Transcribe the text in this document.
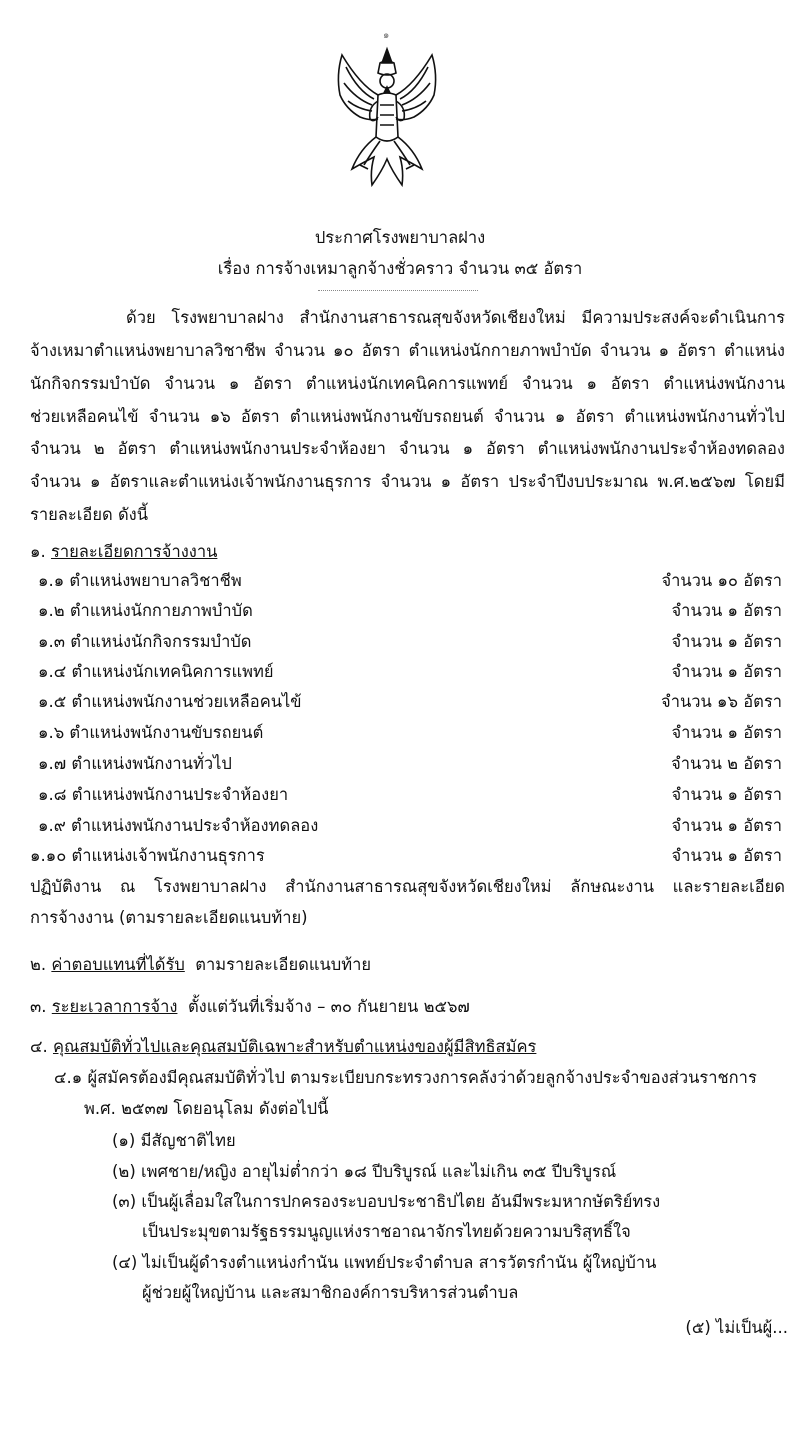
๑
ประกาศโรงพยาบาลฝาง
เรื่อง การจ้างเหมาลูกจ้างชั่วคราว จำนวน ๓๕ อัตรา
ด้วย โรงพยาบาลฝาง สำนักงานสาธารณสุขจังหวัดเชียงใหม่ มีความประสงค์จะดำเนินการ
จ้างเหมาตำแหน่งพยาบาลวิชาชีพ จำนวน ๑๐ อัตรา ตำแหน่งนักกายภาพบำบัด จำนวน ๑ อัตรา ตำแหน่ง
นักกิจกรรมบำบัด จำนวน ๑ อัตรา ตำแหน่งนักเทคนิคการแพทย์ จำนวน ๑ อัตรา ตำแหน่งพนักงาน
ช่วยเหลือคนไข้ จำนวน ๑๖ อัตรา ตำแหน่งพนักงานขับรถยนต์ จำนวน ๑ อัตรา ตำแหน่งพนักงานทั่วไป
จำนวน ๒ อัตรา ตำแหน่งพนักงานประจำห้องยา จำนวน ๑ อัตรา ตำแหน่งพนักงานประจำห้องทดลอง
จำนวน ๑ อัตราและตำแหน่งเจ้าพนักงานธุรการ จำนวน ๑ อัตรา ประจำปีงบประมาณ พ.ศ.๒๕๖๗ โดยมี
รายละเอียด ดังนี้
๑. รายละเอียดการจ้างงาน
๑.๑ ตำแหน่งพยาบาลวิชาชีพ	จำนวน ๑๐ อัตรา
๑.๒ ตำแหน่งนักกายภาพบำบัด	จำนวน ๑ อัตรา
๑.๓ ตำแหน่งนักกิจกรรมบำบัด	จำนวน ๑ อัตรา
๑.๔ ตำแหน่งนักเทคนิคการแพทย์	จำนวน ๑ อัตรา
๑.๕ ตำแหน่งพนักงานช่วยเหลือคนไข้	จำนวน ๑๖ อัตรา
๑.๖ ตำแหน่งพนักงานขับรถยนต์	จำนวน ๑ อัตรา
๑.๗ ตำแหน่งพนักงานทั่วไป	จำนวน ๒ อัตรา
๑.๘ ตำแหน่งพนักงานประจำห้องยา	จำนวน ๑ อัตรา
๑.๙ ตำแหน่งพนักงานประจำห้องทดลอง	จำนวน ๑ อัตรา
๑.๑๐ ตำแหน่งเจ้าพนักงานธุรการ	จำนวน ๑ อัตรา
ปฏิบัติงาน ณ โรงพยาบาลฝาง สำนักงานสาธารณสุขจังหวัดเชียงใหม่ ลักษณะงาน และรายละเอียด
การจ้างงาน (ตามรายละเอียดแนบท้าย)
๒. ค่าตอบแทนที่ได้รับ ตามรายละเอียดแนบท้าย
๓. ระยะเวลาการจ้าง ตั้งแต่วันที่เริ่มจ้าง – ๓๐ กันยายน ๒๕๖๗
๔. คุณสมบัติทั่วไปและคุณสมบัติเฉพาะสำหรับตำแหน่งของผู้มีสิทธิสมัคร
๔.๑ ผู้สมัครต้องมีคุณสมบัติทั่วไป ตามระเบียบกระทรวงการคลังว่าด้วยลูกจ้างประจำของส่วนราชการ
พ.ศ. ๒๕๓๗ โดยอนุโลม ดังต่อไปนี้
(๑) มีสัญชาติไทย
(๒) เพศชาย/หญิง อายุไม่ต่ำกว่า ๑๘ ปีบริบูรณ์ และไม่เกิน ๓๕ ปีบริบูรณ์
(๓) เป็นผู้เลื่อมใสในการปกครองระบอบประชาธิปไตย อันมีพระมหากษัตริย์ทรง
เป็นประมุขตามรัฐธรรมนูญแห่งราชอาณาจักรไทยด้วยความบริสุทธิ์ใจ
(๔) ไม่เป็นผู้ดำรงตำแหน่งกำนัน แพทย์ประจำตำบล สารวัตรกำนัน ผู้ใหญ่บ้าน
ผู้ช่วยผู้ใหญ่บ้าน และสมาชิกองค์การบริหารส่วนตำบล
(๕) ไม่เป็นผู้...
